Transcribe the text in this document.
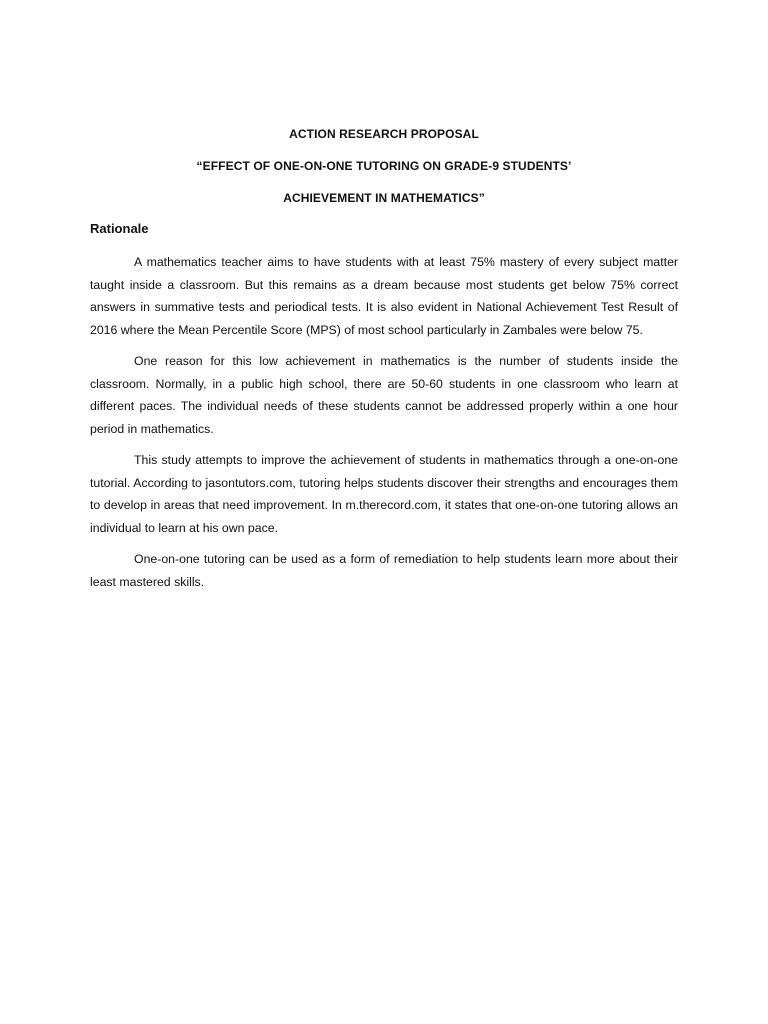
ACTION RESEARCH PROPOSAL

“EFFECT OF ONE-ON-ONE TUTORING ON GRADE-9 STUDENTS’

ACHIEVEMENT IN MATHEMATICS”

Rationale

A mathematics teacher aims to have students with at least 75% mastery of every subject matter taught inside a classroom. But this remains as a dream because most students get below 75% correct answers in summative tests and periodical tests. It is also evident in National Achievement Test Result of 2016 where the Mean Percentile Score (MPS) of most school particularly in Zambales were below 75.

One reason for this low achievement in mathematics is the number of students inside the classroom. Normally, in a public high school, there are 50-60 students in one classroom who learn at different paces. The individual needs of these students cannot be addressed properly within a one hour period in mathematics.

This study attempts to improve the achievement of students in mathematics through a one-on-one tutorial. According to jasontutors.com, tutoring helps students discover their strengths and encourages them to develop in areas that need improvement. In m.therecord.com, it states that one-on-one tutoring allows an individual to learn at his own pace.

One-on-one tutoring can be used as a form of remediation to help students learn more about their least mastered skills.
